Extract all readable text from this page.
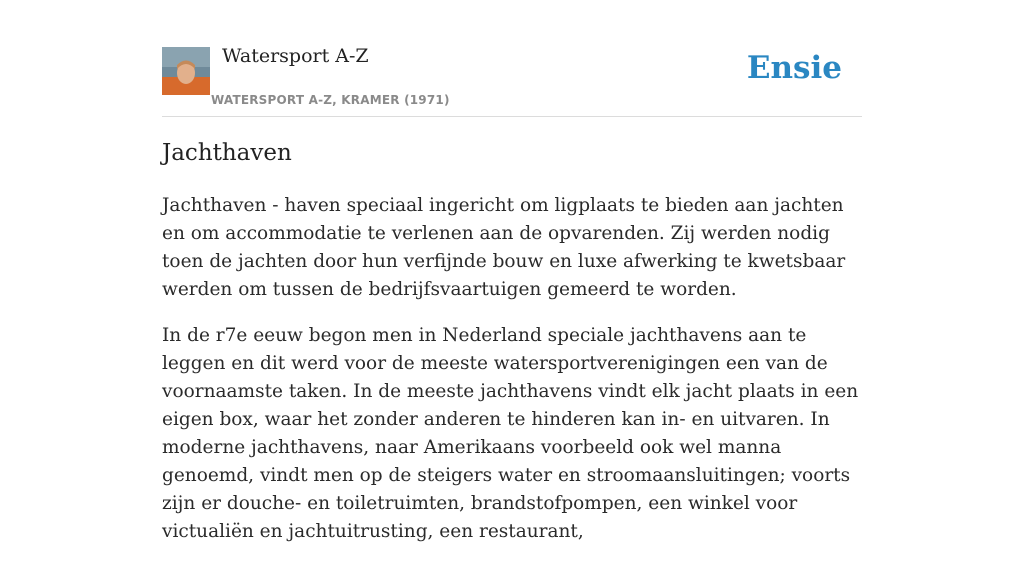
Watersport A-Z
WATERSPORT A-Z, KRAMER (1971)
Ensie
Jachthaven

Jachthaven - haven speciaal ingericht om ligplaats te bieden aan jachten en om accommodatie te verlenen aan de opvarenden. Zij werden nodig toen de jachten door hun verfijnde bouw en luxe afwerking te kwetsbaar werden om tussen de bedrijfsvaartuigen gemeerd te worden.

In de r7e eeuw begon men in Nederland speciale jachthavens aan te leggen en dit werd voor de meeste watersportverenigingen een van de voornaamste taken. In de meeste jachthavens vindt elk jacht plaats in een eigen box, waar het zonder anderen te hinderen kan in- en uitvaren. In moderne jachthavens, naar Amerikaans voorbeeld ook wel manna genoemd, vindt men op de steigers water en stroomaansluitingen; voorts zijn er douche- en toiletruimten, brandstofpompen, een winkel voor victualiën en jachtuitrusting, een restaurant,
